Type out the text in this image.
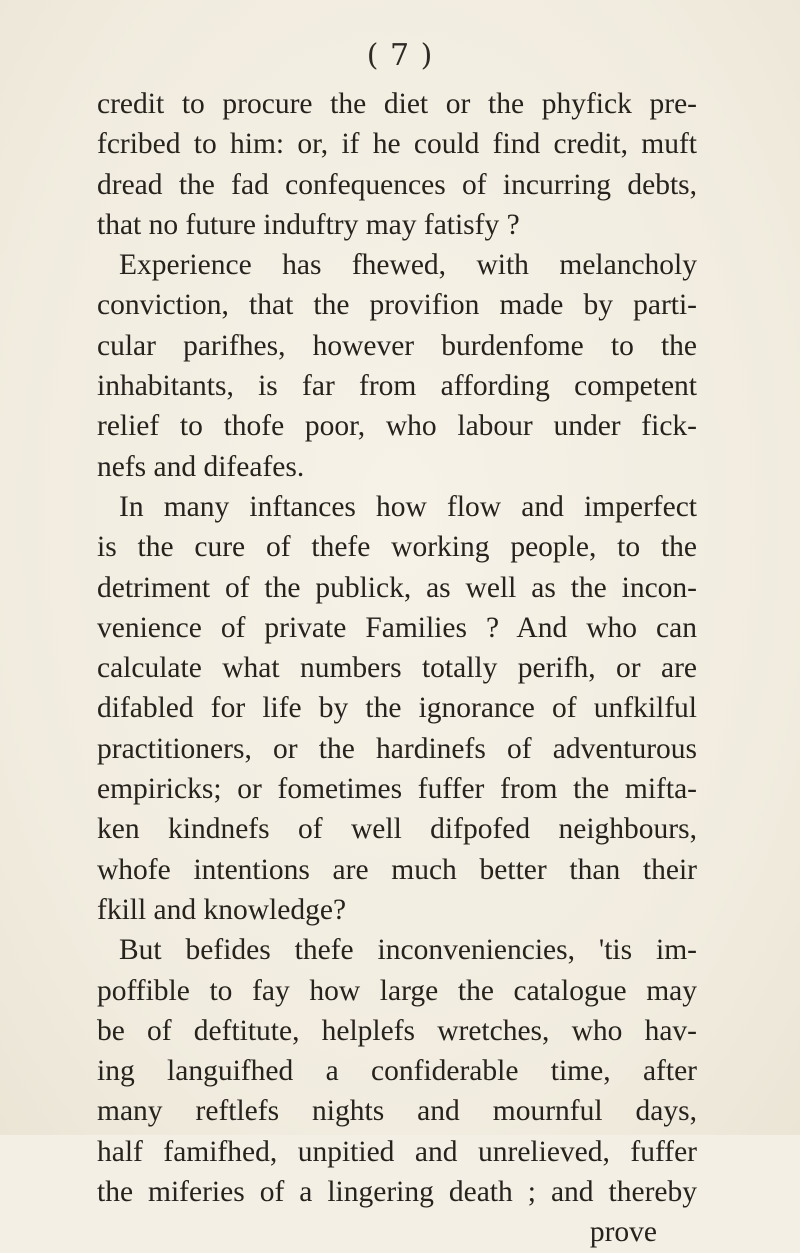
( 7 )
credit to procure the diet or the phyfick pre-
fcribed to him: or, if he could find credit, muft
dread the fad confequences of incurring debts,
that no future induftry may fatisfy ?
Experience has fhewed, with melancholy
conviction, that the provifion made by parti-
cular parifhes, however burdenfome to the
inhabitants, is far from affording competent
relief to thofe poor, who labour under fick-
nefs and difeafes.
In many inftances how flow and imperfect
is the cure of thefe working people, to the
detriment of the publick, as well as the incon-
venience of private Families ? And who can
calculate what numbers totally perifh, or are
difabled for life by the ignorance of unfkilful
practitioners, or the hardinefs of adventurous
empiricks; or fometimes fuffer from the mifta-
ken kindnefs of well difpofed neighbours,
whofe intentions are much better than their
fkill and knowledge?
But befides thefe inconveniencies, 'tis im-
poffible to fay how large the catalogue may
be of deftitute, helplefs wretches, who hav-
ing languifhed a confiderable time, after
many reftlefs nights and mournful days,
half famifhed, unpitied and unrelieved, fuffer
the miferies of a lingering death ; and thereby
prove
